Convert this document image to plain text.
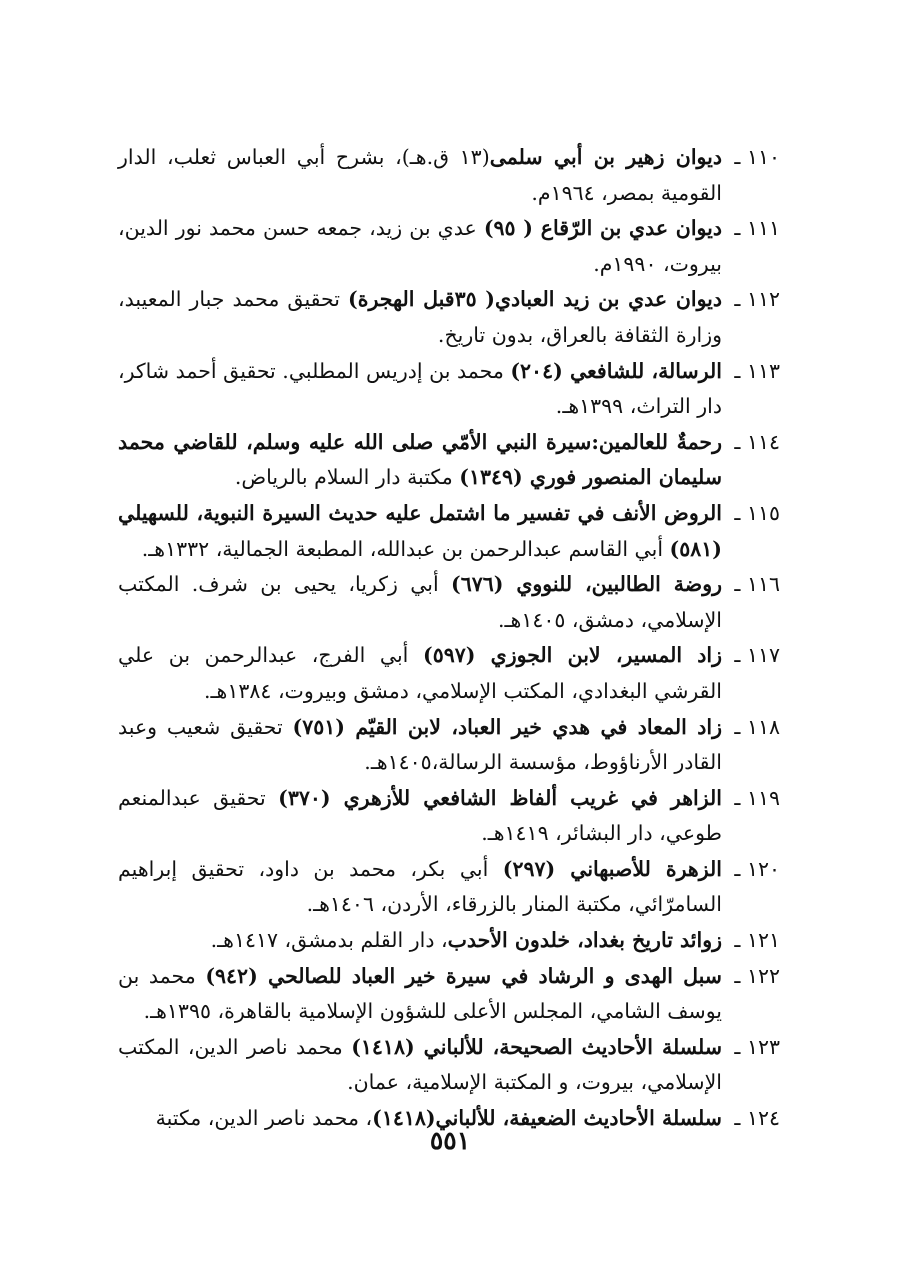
١١٠ ـ
ديوان زهير بن أبي سلمى(١٣ ق.هـ)، بشرح أبي العباس ثعلب، الدار القومية بمصر، ١٩٦٤م.
١١١ ـ
ديوان عدي بن الرّقاع ( ٩٥) عدي بن زيد، جمعه حسن محمد نور الدين، بيروت، ١٩٩٠م.
١١٢ ـ
ديوان عدي بن زيد العبادي( ٣٥قبل الهجرة) تحقيق محمد جبار المعيبد، وزارة الثقافة بالعراق، بدون تاريخ.
١١٣ ـ
الرسالة، للشافعي (٢٠٤) محمد بن إدريس المطلبي. تحقيق أحمد شاكر، دار التراث، ١٣٩٩هـ.
١١٤ ـ
رحمةٌ للعالمين:سيرة النبي الأمّي صلى الله عليه وسلم، للقاضي محمد سليمان المنصور فوري (١٣٤٩) مكتبة دار السلام بالرياض.
١١٥ ـ
الروض الأنف في تفسير ما اشتمل عليه حديث السيرة النبوية، للسهيلي (٥٨١) أبي القاسم عبدالرحمن بن عبدالله، المطبعة الجمالية، ١٣٣٢هـ.
١١٦ ـ
روضة الطالبين، للنووي (٦٧٦) أبي زكريا، يحيى بن شرف. المكتب الإسلامي، دمشق، ١٤٠٥هـ.
١١٧ ـ
زاد المسير، لابن الجوزي (٥٩٧) أبي الفرج، عبدالرحمن بن علي القرشي البغدادي، المكتب الإسلامي، دمشق وبيروت، ١٣٨٤هـ.
١١٨ ـ
زاد المعاد في هدي خير العباد، لابن القيّم (٧٥١) تحقيق شعيب وعبد القادر الأرناؤوط، مؤسسة الرسالة،١٤٠٥هـ.
١١٩ ـ
الزاهر في غريب ألفاظ الشافعي للأزهري (٣٧٠) تحقيق عبدالمنعم طوعي، دار البشائر، ١٤١٩هـ.
١٢٠ ـ
الزهرة للأصبهاني (٢٩٧) أبي بكر، محمد بن داود، تحقيق إبراهيم السامرّائي، مكتبة المنار بالزرقاء، الأردن، ١٤٠٦هـ.
١٢١ ـ
زوائد تاريخ بغداد، خلدون الأحدب، دار القلم بدمشق، ١٤١٧هـ.
١٢٢ ـ
سبل الهدى و الرشاد في سيرة خير العباد للصالحي (٩٤٢) محمد بن يوسف الشامي، المجلس الأعلى للشؤون الإسلامية بالقاهرة، ١٣٩٥هـ.
١٢٣ ـ
سلسلة الأحاديث الصحيحة، للألباني (١٤١٨) محمد ناصر الدين، المكتب الإسلامي، بيروت، و المكتبة الإسلامية، عمان.
١٢٤ ـ
سلسلة الأحاديث الضعيفة، للألباني(١٤١٨)، محمد ناصر الدين، مكتبة
٥٥١
